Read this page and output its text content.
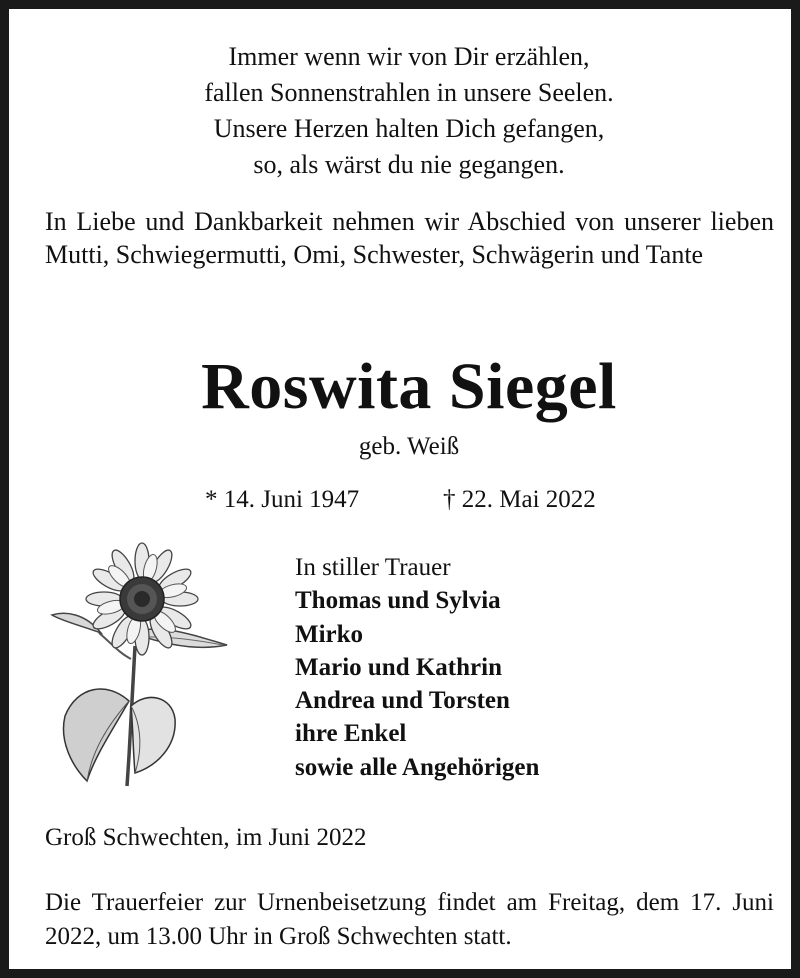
Immer wenn wir von Dir erzählen,
fallen Sonnenstrahlen in unsere Seelen.
Unsere Herzen halten Dich gefangen,
so, als wärst du nie gegangen.
In Liebe und Dankbarkeit nehmen wir Abschied von unserer lieben Mutti, Schwiegermutti, Omi, Schwester, Schwägerin und Tante
Roswita Siegel
geb. Weiß
* 14. Juni 1947	† 22. Mai 2022
In stiller Trauer
Thomas und Sylvia
Mirko
Mario und Kathrin
Andrea und Torsten
ihre Enkel
sowie alle Angehörigen
Groß Schwechten, im Juni 2022
Die Trauerfeier zur Urnenbeisetzung findet am Freitag, dem 17. Juni 2022, um 13.00 Uhr in Groß Schwechten statt.
